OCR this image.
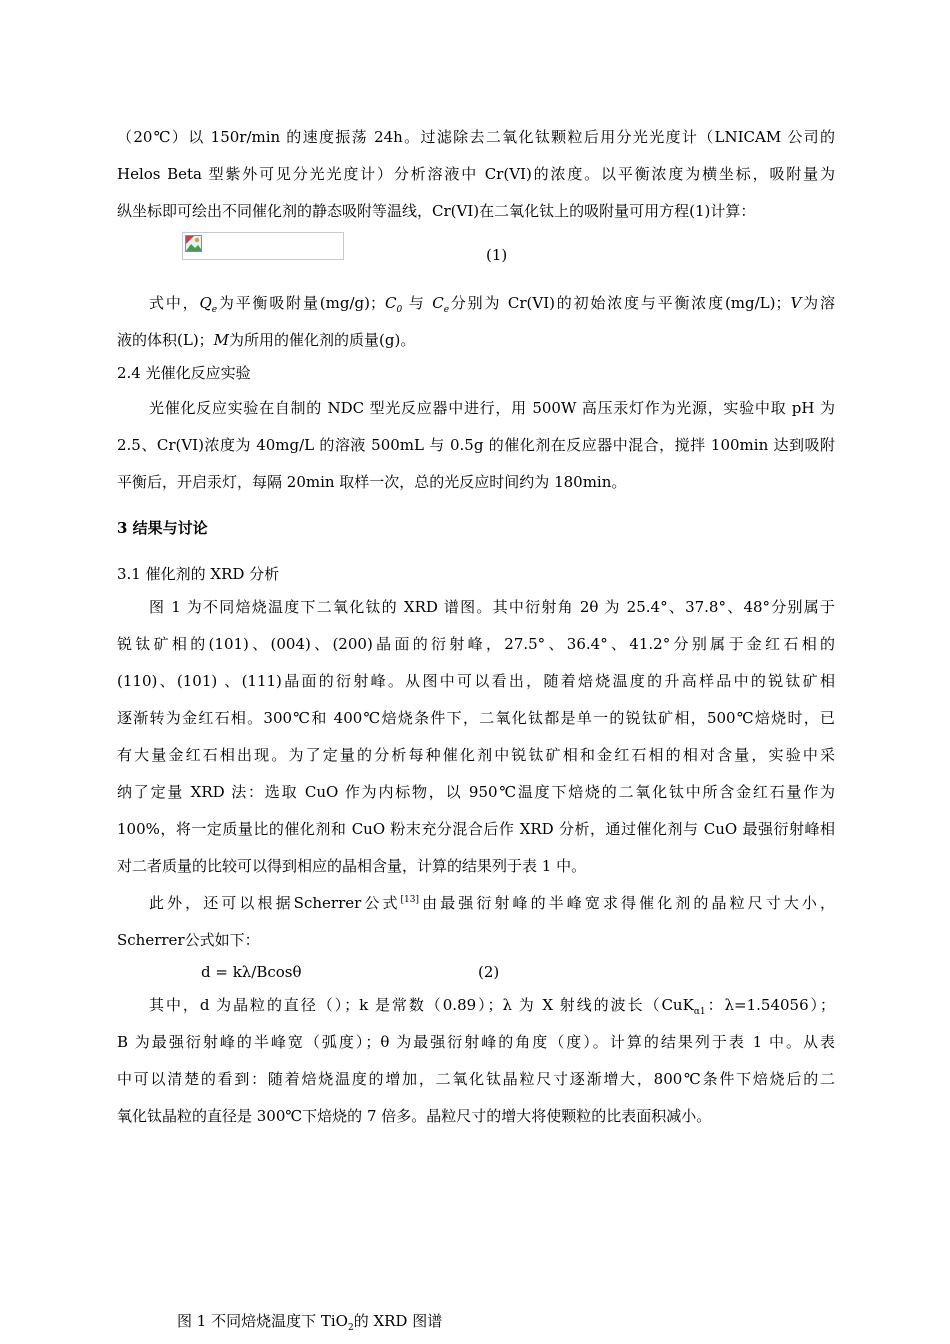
（20℃）以 150r/min 的速度振荡 24h。过滤除去二氧化钛颗粒后用分光光度计（LNICAM 公司的
Helos Beta 型紫外可见分光光度计）分析溶液中 Cr(VI)的浓度。以平衡浓度为横坐标，吸附量为
纵坐标即可绘出不同催化剂的静态吸附等温线，Cr(VI)在二氧化钛上的吸附量可用方程(1)计算：
(1)
式中，$Q_e$为平衡吸附量(mg/g)；$C_0$ 与 $C_e$分别为 Cr(VI)的初始浓度与平衡浓度(mg/L)；V为溶
液的体积(L)；M为所用的催化剂的质量(g)。
2.4 光催化反应实验
光催化反应实验在自制的 NDC 型光反应器中进行，用 500W 高压汞灯作为光源，实验中取 pH 为
2.5、Cr(VI)浓度为 40mg/L 的溶液 500mL 与 0.5g 的催化剂在反应器中混合，搅拌 100min 达到吸附
平衡后，开启汞灯，每隔 20min 取样一次，总的光反应时间约为 180min。
3 结果与讨论
3.1 催化剂的 XRD 分析
图 1 为不同焙烧温度下二氧化钛的 XRD 谱图。其中衍射角 2θ 为 25.4°、37.8°、48°分别属于
锐钛矿相的(101)、(004)、(200)晶面的衍射峰，27.5°、36.4°、41.2°分别属于金红石相的
(110)、(101) 、(111)晶面的衍射峰。从图中可以看出，随着焙烧温度的升高样品中的锐钛矿相
逐渐转为金红石相。300℃和 400℃焙烧条件下，二氧化钛都是单一的锐钛矿相，500℃焙烧时，已
有大量金红石相出现。为了定量的分析每种催化剂中锐钛矿相和金红石相的相对含量，实验中采
纳了定量 XRD 法：选取 CuO 作为内标物，以 950℃温度下焙烧的二氧化钛中所含金红石量作为
100%，将一定质量比的催化剂和 CuO 粉末充分混合后作 XRD 分析，通过催化剂与 CuO 最强衍射峰相
对二者质量的比较可以得到相应的晶相含量，计算的结果列于表 1 中。
此外，还可以根据Scherrer公式[13]由最强衍射峰的半峰宽求得催化剂的晶粒尺寸大小，
Scherrer公式如下：
d = kλ/Bcosθ	(2)
其中，d 为晶粒的直径（）；k 是常数（0.89）；λ 为 X 射线的波长（CuK$_{\alpha 1}$：λ=1.54056）；
B 为最强衍射峰的半峰宽（弧度）；θ 为最强衍射峰的角度（度）。计算的结果列于表 1 中。从表
中可以清楚的看到：随着焙烧温度的增加，二氧化钛晶粒尺寸逐渐增大，800℃条件下焙烧后的二
氧化钛晶粒的直径是 300℃下焙烧的 7 倍多。晶粒尺寸的增大将使颗粒的比表面积减小。
图 1 不同焙烧温度下 TiO$_2$的 XRD 图谱
